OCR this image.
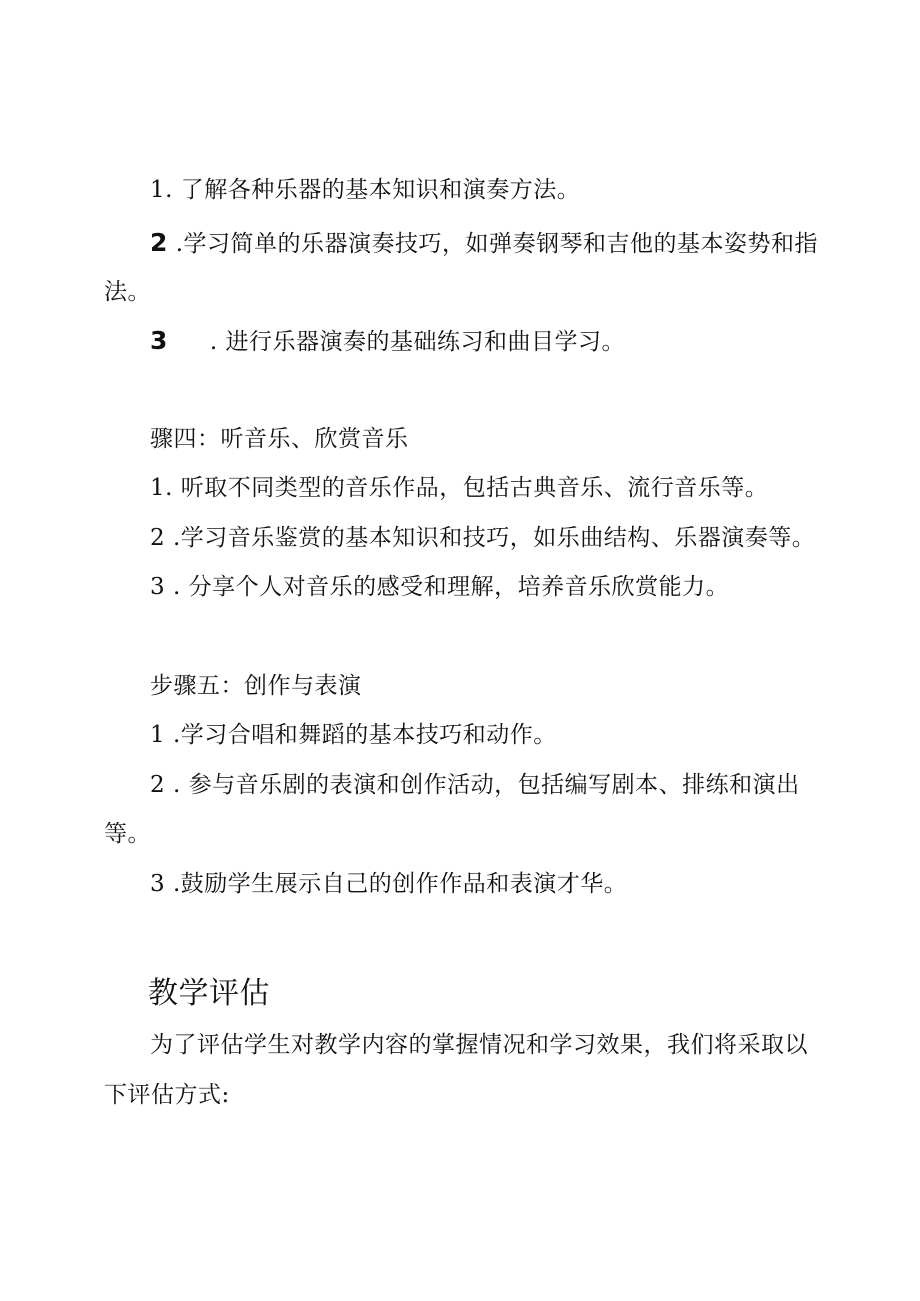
1. 了解各种乐器的基本知识和演奏方法。
2 .学习简单的乐器演奏技巧，如弹奏钢琴和吉他的基本姿势和指
法。
3 . 进行乐器演奏的基础练习和曲目学习。
骤四：听音乐、欣赏音乐
1. 听取不同类型的音乐作品，包括古典音乐、流行音乐等。
2 .学习音乐鉴赏的基本知识和技巧，如乐曲结构、乐器演奏等。
3 . 分享个人对音乐的感受和理解，培养音乐欣赏能力。
步骤五：创作与表演
1 .学习合唱和舞蹈的基本技巧和动作。
2 . 参与音乐剧的表演和创作活动，包括编写剧本、排练和演出
等。
3 .鼓励学生展示自己的创作作品和表演才华。
教学评估
为了评估学生对教学内容的掌握情况和学习效果，我们将采取以
下评估方式:
